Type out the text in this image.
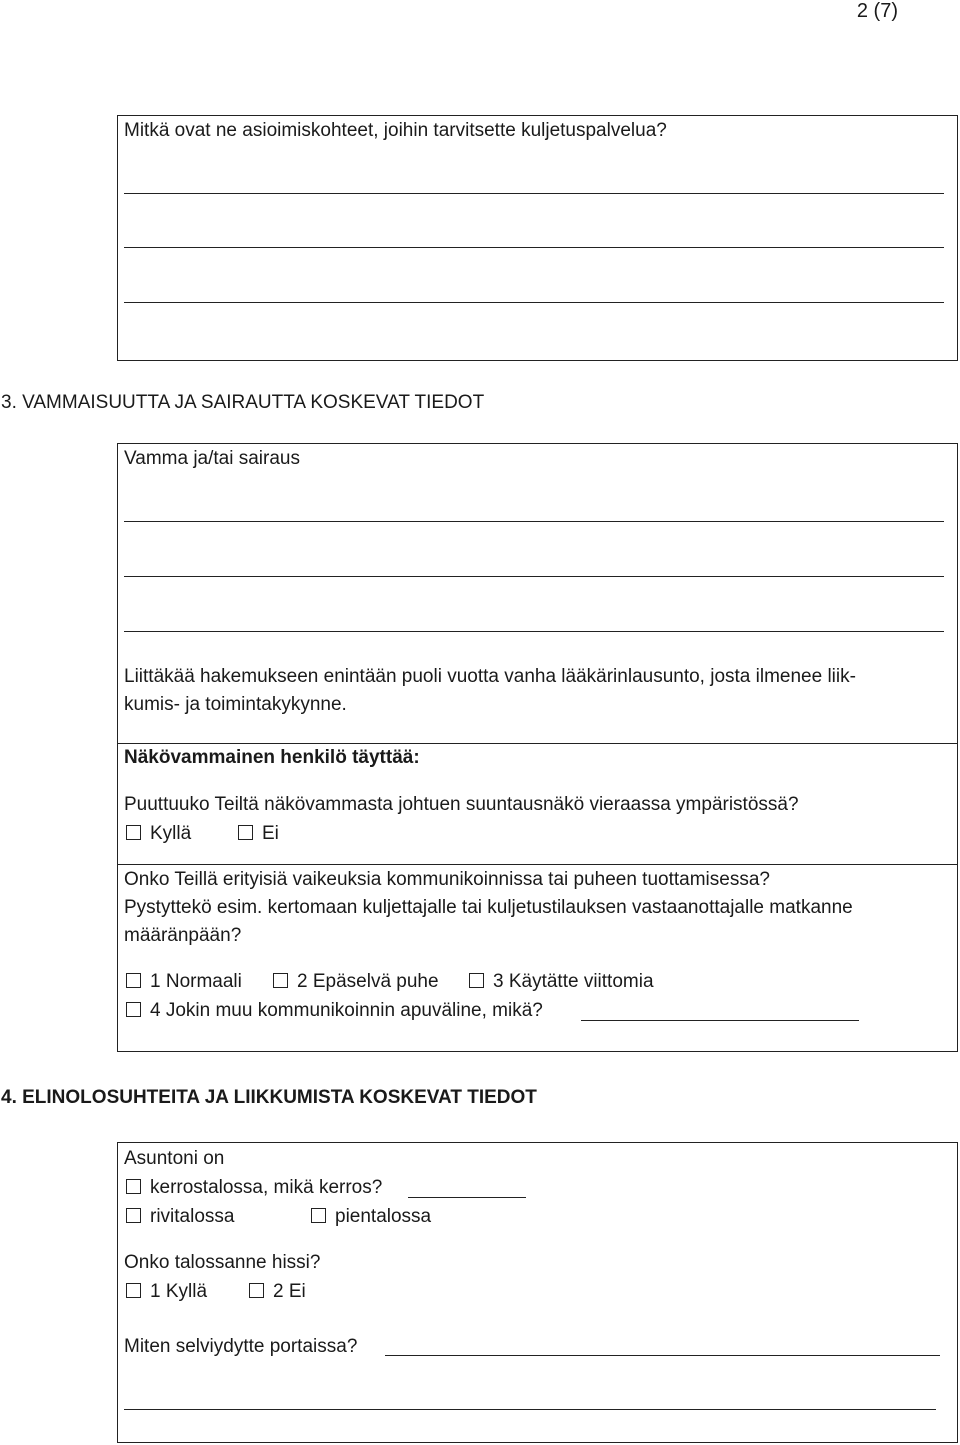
2 (7)
Mitkä ovat ne asioimiskohteet, joihin tarvitsette kuljetuspalvelua?
3. VAMMAISUUTTA JA SAIRAUTTA KOSKEVAT TIEDOT
Vamma ja/tai sairaus
Liittäkää hakemukseen enintään puoli vuotta vanha lääkärinlausunto, josta ilmenee liik-
kumis- ja toimintakykynne.
Näkövammainen henkilö täyttää:
Puuttuuko Teiltä näkövammasta johtuen suuntausnäkö vieraassa ympäristössä?
Kyllä	Ei
Onko Teillä erityisiä vaikeuksia kommunikoinnissa tai puheen tuottamisessa?
Pystyttekö esim. kertomaan kuljettajalle tai kuljetustilauksen vastaanottajalle matkanne
määränpään?
1 Normaali	2 Epäselvä puhe	3 Käytätte viittomia
4 Jokin muu kommunikoinnin apuväline, mikä?
4. ELINOLOSUHTEITA JA LIIKKUMISTA KOSKEVAT TIEDOT
Asuntoni on
kerrostalossa, mikä kerros?
rivitalossa	pientalossa
Onko talossanne hissi?
1 Kyllä	2 Ei
Miten selviydytte portaissa?
